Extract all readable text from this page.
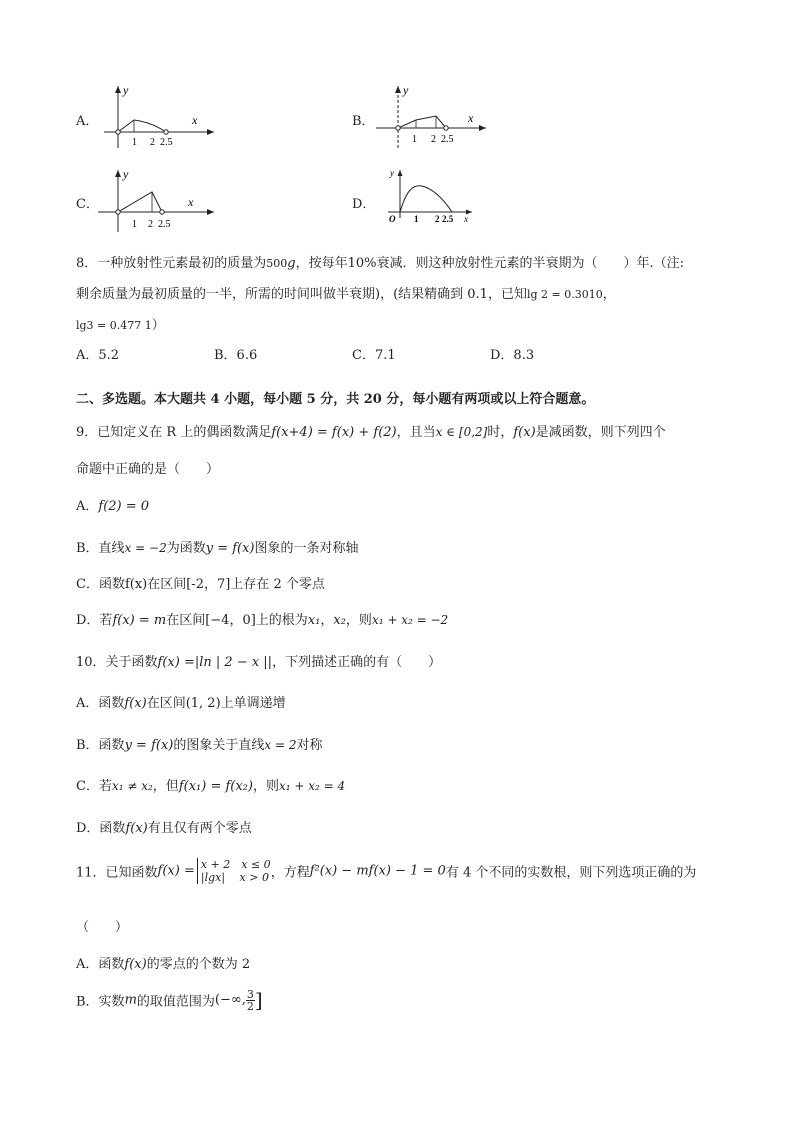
A．
y
x
1 2 2.5
B．
y
x
1 2 2.5
C．
y
x
1 2 2.5
D．
y
x
O 1 2 2.5
8．一种放射性元素最初的质量为500g，按每年10%衰减．则这种放射性元素的半衰期为（　　）年.（注:
剩余质量为最初质量的一半，所需的时间叫做半衰期)，(结果精确到 0.1，已知lg 2 = 0.3010，
lg3 = 0.477 1）
A．5.2	B．6.6	C．7.1	D．8.3
二、多选题。本大题共 4 小题，每小题 5 分，共 20 分，每小题有两项或以上符合题意。
9．已知定义在 R 上的偶函数满足f(x+4) = f(x) + f(2)，且当x ∈ [0,2]时，f(x)是减函数，则下列四个
命题中正确的是（　　）
A．f(2) = 0
B．直线x = −2为函数y = f(x)图象的一条对称轴
C．函数f(x)在区间[-2，7]上存在 2 个零点
D．若f(x) = m在区间[−4，0]上的根为x₁，x₂，则x₁ + x₂ = −2
10．关于函数f(x) =|ln | 2 − x ||，下列描述正确的有（　　）
A．函数f(x)在区间(1, 2)上单调递增
B．函数y = f(x)的图象关于直线x = 2对称
C．若x₁ ≠ x₂，但f(x₁) = f(x₂)，则x₁ + x₂ = 4
D．函数f(x)有且仅有两个零点
11．已知函数f(x) = x + 2　x ≤ 0
|lgx|　 x > 0 ，方程f²(x) − mf(x) − 1 = 0有 4 个不同的实数根，则下列选项正确的为
（　　）
A．函数f(x)的零点的个数为 2
B．实数m的取值范围为(−∞, $\frac{3}{2}$ ]
